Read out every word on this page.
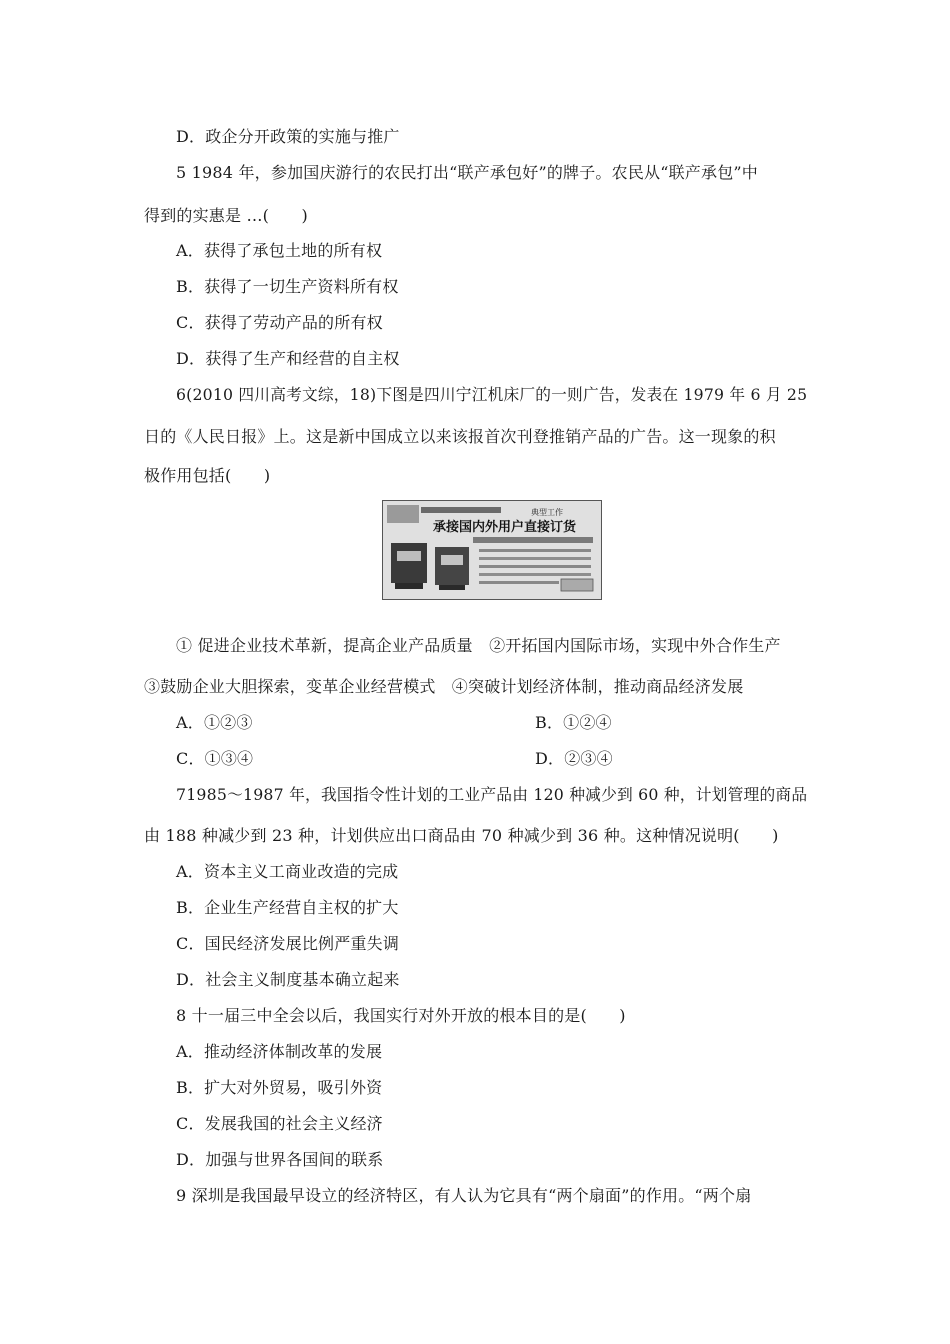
D．政企分开政策的实施与推广
5 1984 年，参加国庆游行的农民打出“联产承包好”的牌子。农民从“联产承包”中
得到的实惠是 …(　　)
A．获得了承包土地的所有权
B．获得了一切生产资料所有权
C．获得了劳动产品的所有权
D．获得了生产和经营的自主权
6(2010 四川高考文综，18)下图是四川宁江机床厂的一则广告，发表在 1979 年 6 月 25
日的《人民日报》上。这是新中国成立以来该报首次刊登推销产品的广告。这一现象的积
极作用包括(　　)
典型工作
承接国内外用户直接订货
① 促进企业技术革新，提高企业产品质量　②开拓国内国际市场，实现中外合作生产
③鼓励企业大胆探索，变革企业经营模式　④突破计划经济体制，推动商品经济发展
A．①②③	B．①②④
C．①③④	D．②③④
71985～1987 年，我国指令性计划的工业产品由 120 种减少到 60 种，计划管理的商品
由 188 种减少到 23 种，计划供应出口商品由 70 种减少到 36 种。这种情况说明(　　)
A．资本主义工商业改造的完成
B．企业生产经营自主权的扩大
C．国民经济发展比例严重失调
D．社会主义制度基本确立起来
8 十一届三中全会以后，我国实行对外开放的根本目的是(　　)
A．推动经济体制改革的发展
B．扩大对外贸易，吸引外资
C．发展我国的社会主义经济
D．加强与世界各国间的联系
9 深圳是我国最早设立的经济特区，有人认为它具有“两个扇面”的作用。“两个扇
